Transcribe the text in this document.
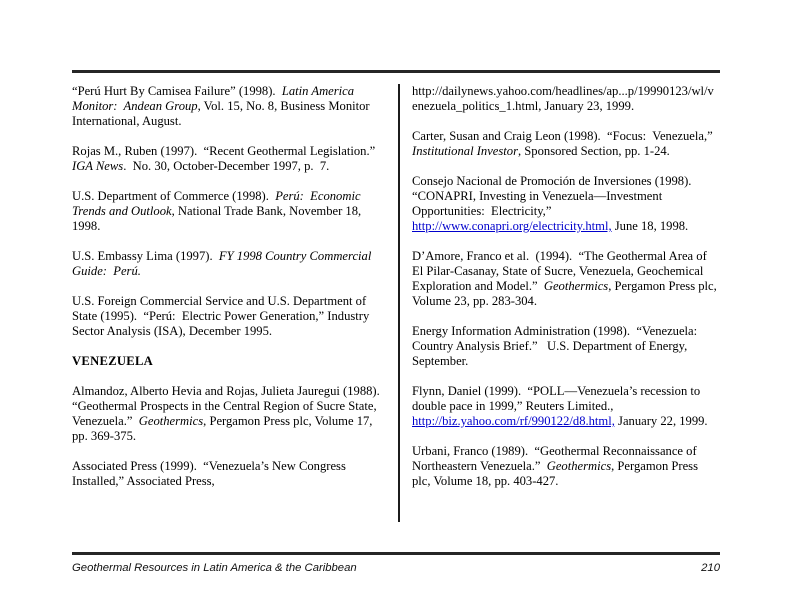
“Perú Hurt By Camisea Failure” (1998).  Latin America Monitor:  Andean Group, Vol. 15, No. 8, Business Monitor International, August.

Rojas M., Ruben (1997).  “Recent Geothermal Legislation.”  IGA News.  No. 30, October-December 1997, p.  7.

U.S. Department of Commerce (1998).  Perú:  Economic Trends and Outlook, National Trade Bank, November 18, 1998.

U.S. Embassy Lima (1997).  FY 1998 Country Commercial Guide:  Perú.

U.S. Foreign Commercial Service and U.S. Department of State (1995).  “Perú:  Electric Power Generation,” Industry Sector Analysis (ISA), December 1995.

VENEZUELA

Almandoz, Alberto Hevia and Rojas, Julieta Jauregui (1988).  “Geothermal Prospects in the Central Region of Sucre State, Venezuela.”  Geothermics, Pergamon Press plc, Volume 17, pp. 369-375.

Associated Press (1999).  “Venezuela’s New Congress Installed,” Associated Press,

http://dailynews.yahoo.com/headlines/ap...p/19990123/wl/venezuela_politics_1.html, January 23, 1999.

Carter, Susan and Craig Leon (1998).  “Focus:  Venezuela,” Institutional Investor, Sponsored Section, pp. 1-24.

Consejo Nacional de Promoción de Inversiones (1998).  “CONAPRI, Investing in Venezuela—Investment Opportunities:  Electricity,” http://www.conapri.org/electricity.html, June 18, 1998.

D’Amore, Franco et al.  (1994).  “The Geothermal Area of El Pilar-Casanay, State of Sucre, Venezuela, Geochemical Exploration and Model.”  Geothermics, Pergamon Press plc, Volume 23, pp. 283-304.

Energy Information Administration (1998).  “Venezuela:  Country Analysis Brief.”   U.S. Department of Energy, September.

Flynn, Daniel (1999).  “POLL—Venezuela’s recession to double pace in 1999,” Reuters Limited., http://biz.yahoo.com/rf/990122/d8.html, January 22, 1999.

Urbani, Franco (1989).  “Geothermal Reconnaissance of Northeastern Venezuela.”  Geothermics, Pergamon Press plc, Volume 18, pp. 403-427.

Geothermal Resources in Latin America & the Caribbean	210
